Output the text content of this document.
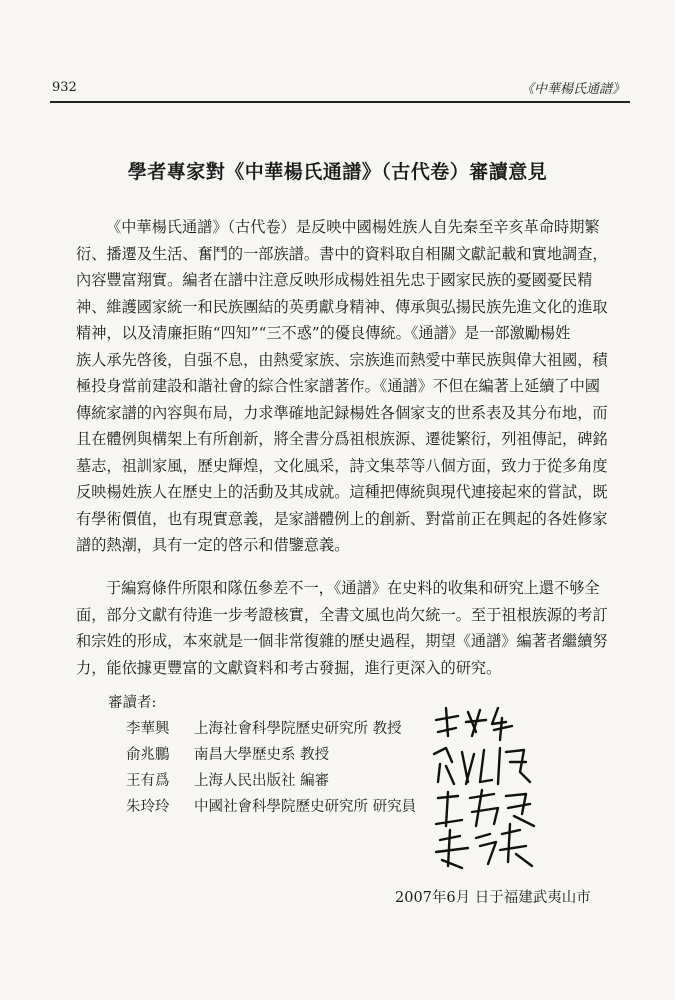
932	《中華楊氏通譜》
學者專家對《中華楊氏通譜》（古代卷）審讀意見
《中華楊氏通譜》（古代卷）是反映中國楊姓族人自先秦至辛亥革命時期繁
衍、播遷及生活、奮鬥的一部族譜。書中的資料取自相關文獻記載和實地調查，
內容豐富翔實。編者在譜中注意反映形成楊姓祖先忠于國家民族的憂國憂民精
神、維護國家統一和民族團結的英勇獻身精神、傳承與弘揚民族先進文化的進取
精神，以及清廉拒賄“四知”“三不惑”的優良傳統。《通譜》是一部激勵楊姓
族人承先啓後，自强不息，由熱愛家族、宗族進而熱愛中華民族與偉大祖國，積
極投身當前建設和諧社會的綜合性家譜著作。《通譜》不但在編著上延續了中國
傳統家譜的內容與布局，力求準確地記録楊姓各個家支的世系表及其分布地，而
且在體例與構架上有所創新，將全書分爲祖根族源、遷徙繁衍，列祖傳記，碑銘
墓志，祖訓家風，歷史輝煌，文化風采，詩文集萃等八個方面，致力于從多角度
反映楊姓族人在歷史上的活動及其成就。這種把傳統與現代連接起來的嘗試，既
有學術價值，也有現實意義，是家譜體例上的創新、對當前正在興起的各姓修家
譜的熱潮，具有一定的啓示和借鑒意義。
于編寫條件所限和隊伍參差不一，《通譜》在史料的收集和研究上還不够全
面，部分文獻有待進一步考證核實，全書文風也尚欠統一。至于祖根族源的考訂
和宗姓的形成，本來就是一個非常復雜的歷史過程，期望《通譜》編著者繼續努
力，能依據更豐富的文獻資料和考古發掘，進行更深入的研究。
審讀者:
李華興	上海社會科學院歷史研究所 教授
俞兆鵬	南昌大學歷史系 教授
王有爲	上海人民出版社 編審
朱玲玲	中國社會科學院歷史研究所 研究員
2007年6月 日于福建武夷山市
